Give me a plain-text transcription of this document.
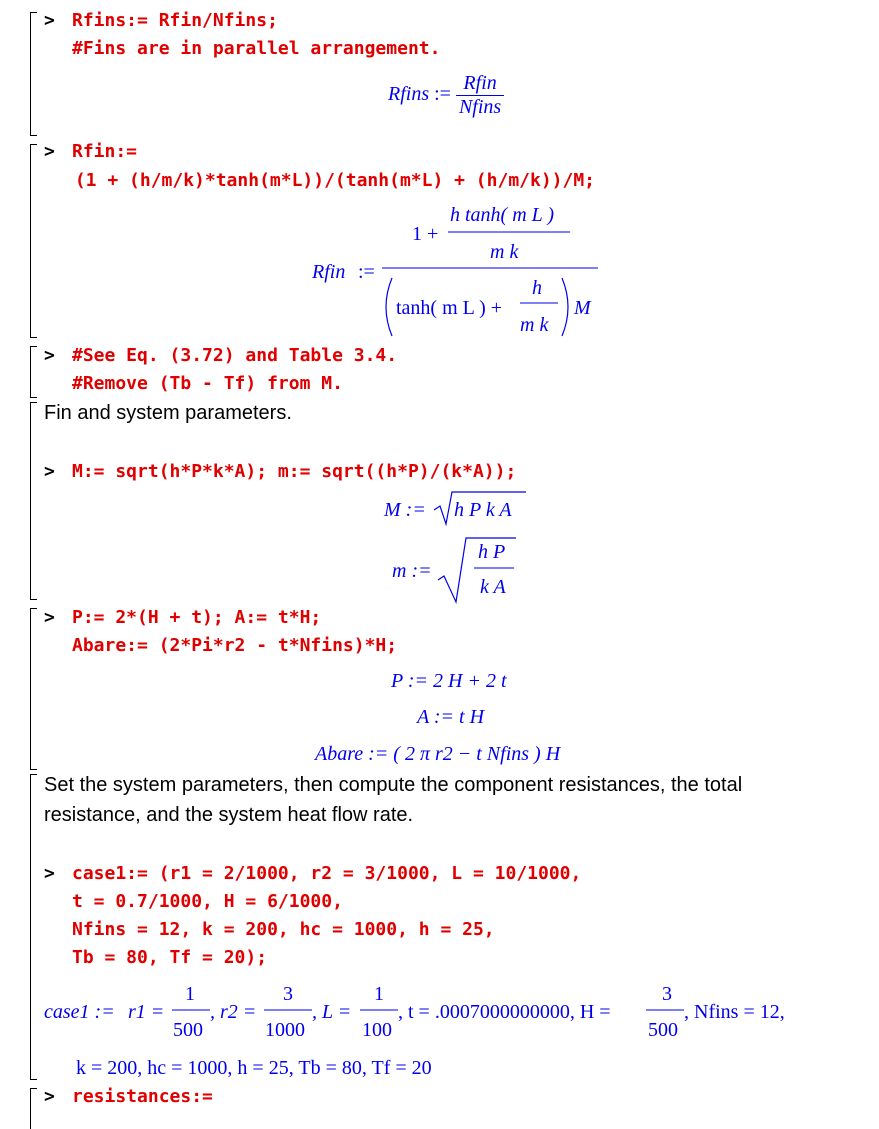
> Rfins:= Rfin/Nfins;
#Fins are in parallel arrangement.
Rfins := $\frac{\text{Rfin}}{\text{Nfins}}$
> Rfin:=
(1 + (h/m/k)*tanh(m*L))/(tanh(m*L) + (h/m/k))/M;
Rfin :=
1 +
h tanh( m L )
m k
tanh( m L ) +
h
m k
M
> #See Eq. (3.72) and Table 3.4.
#Remove (Tb - Tf) from M.
Fin and system parameters.
> M:= sqrt(h*P*k*A); m:= sqrt((h*P)/(k*A));
M := h P k A
m :=
h P
k A
> P:= 2*(H + t); A:= t*H;
Abare:= (2*Pi*r2 - t*Nfins)*H;
P := 2 H + 2 t
A := t H
Abare := ( 2 π r2 − t Nfins ) H
Set the system parameters, then compute the component resistances, the total
resistance, and the system heat flow rate.
> case1:= (r1 = 2/1000, r2 = 3/1000, L = 10/1000,
t = 0.7/1000, H = 6/1000,
Nfins = 12, k = 200, hc = 1000, h = 25,
Tb = 80, Tf = 20);
case1 := r1 =
1
500
, r2 =
3
1000
, L =
1
100
, t = .0007000000000, H =
3
500
, Nfins = 12,
k = 200, hc = 1000, h = 25, Tb = 80, Tf = 20
> resistances:=
